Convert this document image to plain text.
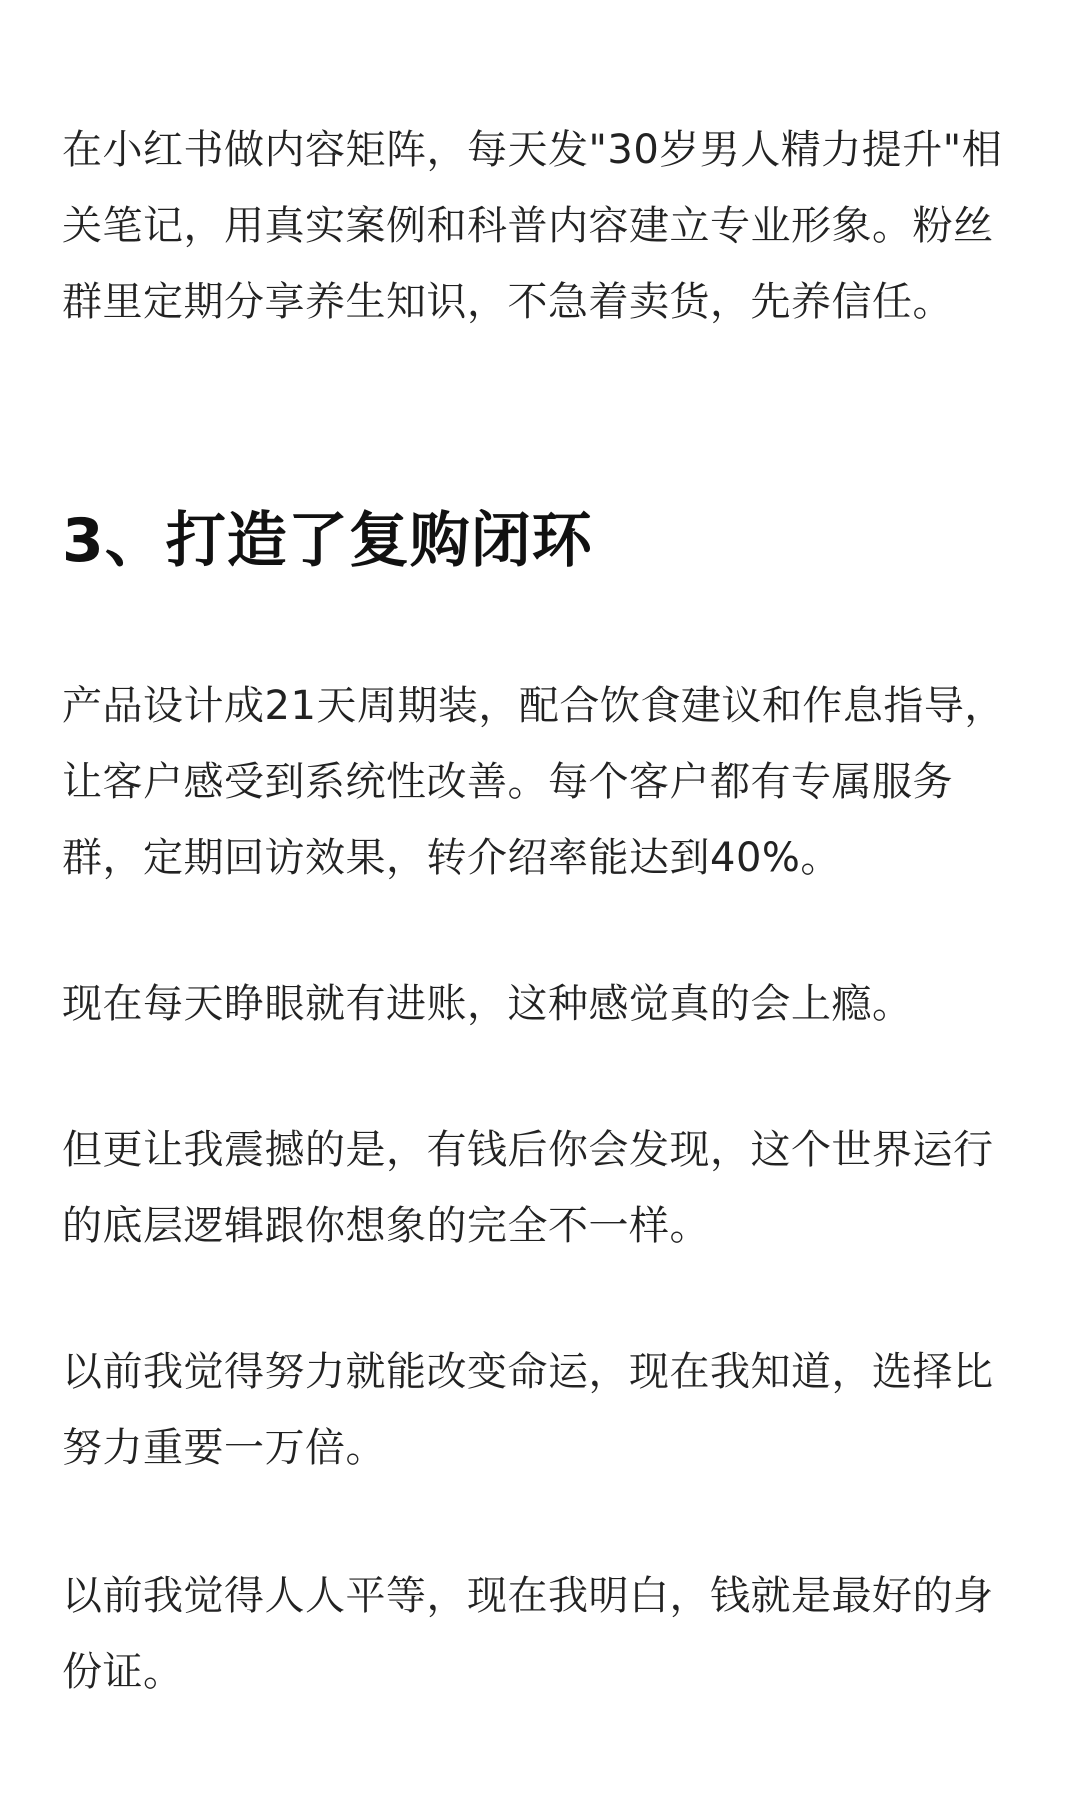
在小红书做内容矩阵，每天发"30岁男人精力提升"相关笔记，用真实案例和科普内容建立专业形象。粉丝群里定期分享养生知识，不急着卖货，先养信任。

3、打造了复购闭环

产品设计成21天周期装，配合饮食建议和作息指导，让客户感受到系统性改善。每个客户都有专属服务群，定期回访效果，转介绍率能达到40%。

现在每天睁眼就有进账，这种感觉真的会上瘾。

但更让我震撼的是，有钱后你会发现，这个世界运行的底层逻辑跟你想象的完全不一样。

以前我觉得努力就能改变命运，现在我知道，选择比努力重要一万倍。

以前我觉得人人平等，现在我明白，钱就是最好的身份证。
